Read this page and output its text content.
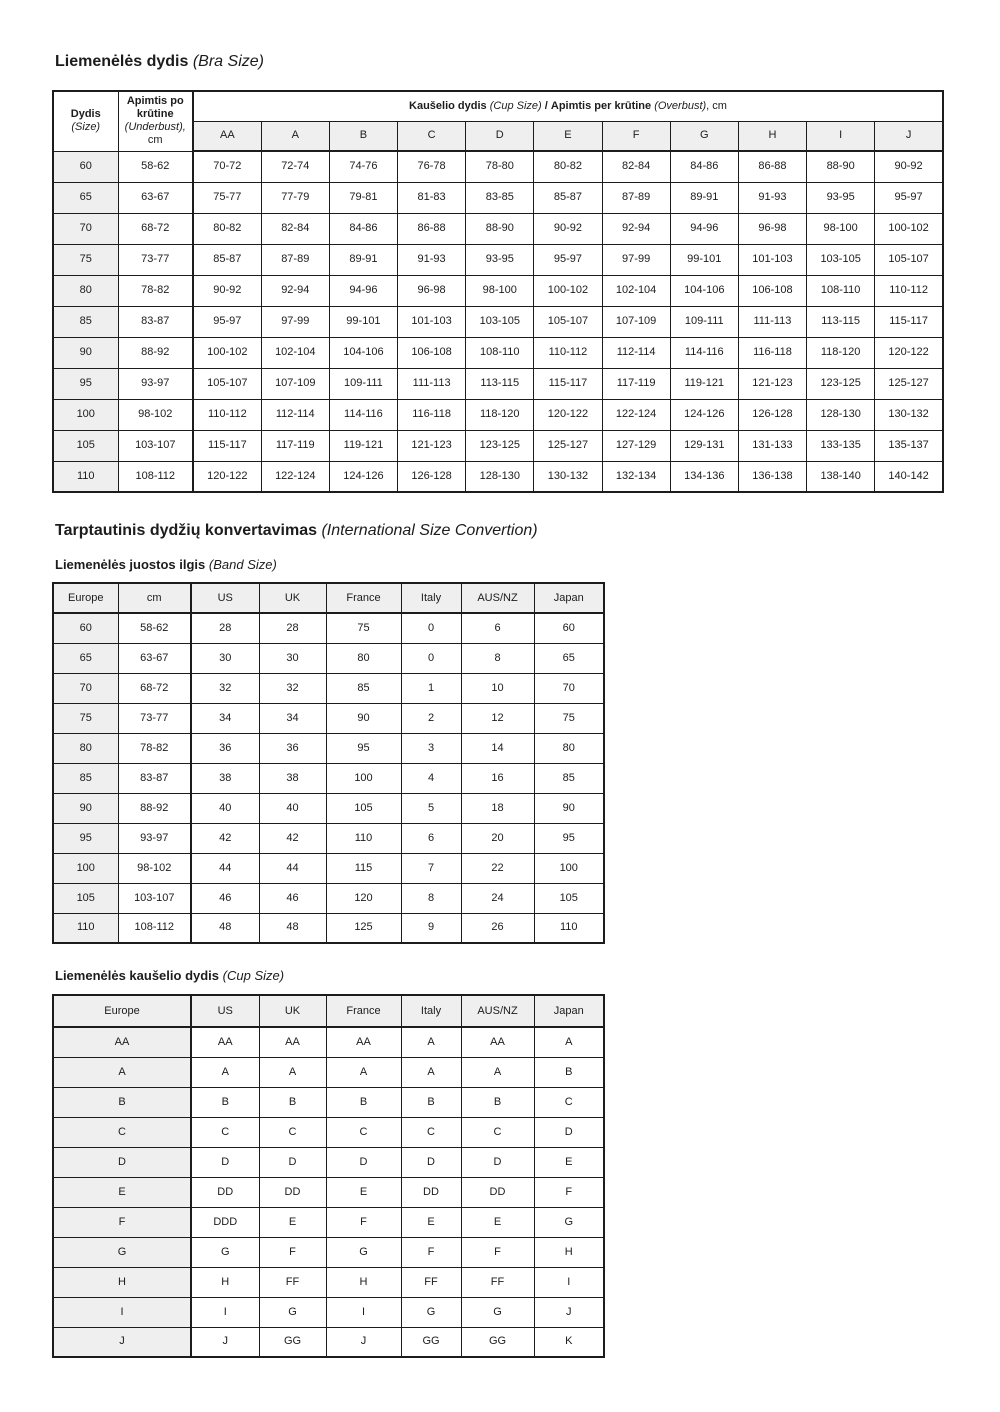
Liemenėlės dydis (Bra Size)
Dydis
(Size)	Apimtis po krūtine (Underbust), cm	Kaušelio dydis (Cup Size) / Apimtis per krūtine (Overbust), cm										
		AA	A	B	C	D	E	F	G	H	I	J
60	58-62	70-72	72-74	74-76	76-78	78-80	80-82	82-84	84-86	86-88	88-90	90-92
65	63-67	75-77	77-79	79-81	81-83	83-85	85-87	87-89	89-91	91-93	93-95	95-97
70	68-72	80-82	82-84	84-86	86-88	88-90	90-92	92-94	94-96	96-98	98-100	100-102
75	73-77	85-87	87-89	89-91	91-93	93-95	95-97	97-99	99-101	101-103	103-105	105-107
80	78-82	90-92	92-94	94-96	96-98	98-100	100-102	102-104	104-106	106-108	108-110	110-112
85	83-87	95-97	97-99	99-101	101-103	103-105	105-107	107-109	109-111	111-113	113-115	115-117
90	88-92	100-102	102-104	104-106	106-108	108-110	110-112	112-114	114-116	116-118	118-120	120-122
95	93-97	105-107	107-109	109-111	111-113	113-115	115-117	117-119	119-121	121-123	123-125	125-127
100	98-102	110-112	112-114	114-116	116-118	118-120	120-122	122-124	124-126	126-128	128-130	130-132
105	103-107	115-117	117-119	119-121	121-123	123-125	125-127	127-129	129-131	131-133	133-135	135-137
110	108-112	120-122	122-124	124-126	126-128	128-130	130-132	132-134	134-136	136-138	138-140	140-142
Tarptautinis dydžių konvertavimas (International Size Convertion)
Liemenėlės juostos ilgis (Band Size)
Europe	cm	US	UK	France	Italy	AUS/NZ	Japan
60	58-62	28	28	75	0	6	60
65	63-67	30	30	80	0	8	65
70	68-72	32	32	85	1	10	70
75	73-77	34	34	90	2	12	75
80	78-82	36	36	95	3	14	80
85	83-87	38	38	100	4	16	85
90	88-92	40	40	105	5	18	90
95	93-97	42	42	110	6	20	95
100	98-102	44	44	115	7	22	100
105	103-107	46	46	120	8	24	105
110	108-112	48	48	125	9	26	110
Liemenėlės kaušelio dydis (Cup Size)
Europe	US	UK	France	Italy	AUS/NZ	Japan
AA	AA	AA	AA	A	AA	A
A	A	A	A	A	A	B
B	B	B	B	B	B	C
C	C	C	C	C	C	D
D	D	D	D	D	D	E
E	DD	DD	E	DD	DD	F
F	DDD	E	F	E	E	G
G	G	F	G	F	F	H
H	H	FF	H	FF	FF	I
I	I	G	I	G	G	J
J	J	GG	J	GG	GG	K
